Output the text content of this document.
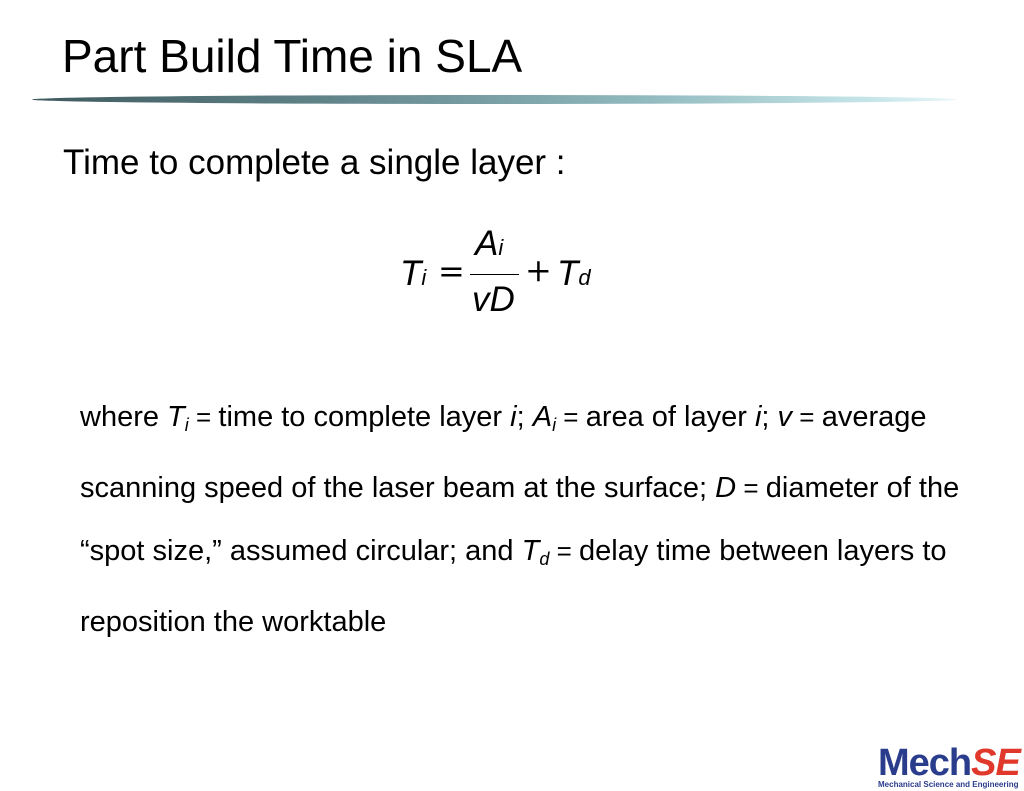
Part Build Time in SLA
Time to complete a single layer :
Ti =
Ai
vD
+ Td
where $T_i$ = time to complete layer i; $A_i$ = area of layer i; v = average scanning speed of the laser beam at the surface; D = diameter of the “spot size,” assumed circular; and $T_d$ = delay time between layers to reposition the worktable
MechSE
Mechanical Science and Engineering
